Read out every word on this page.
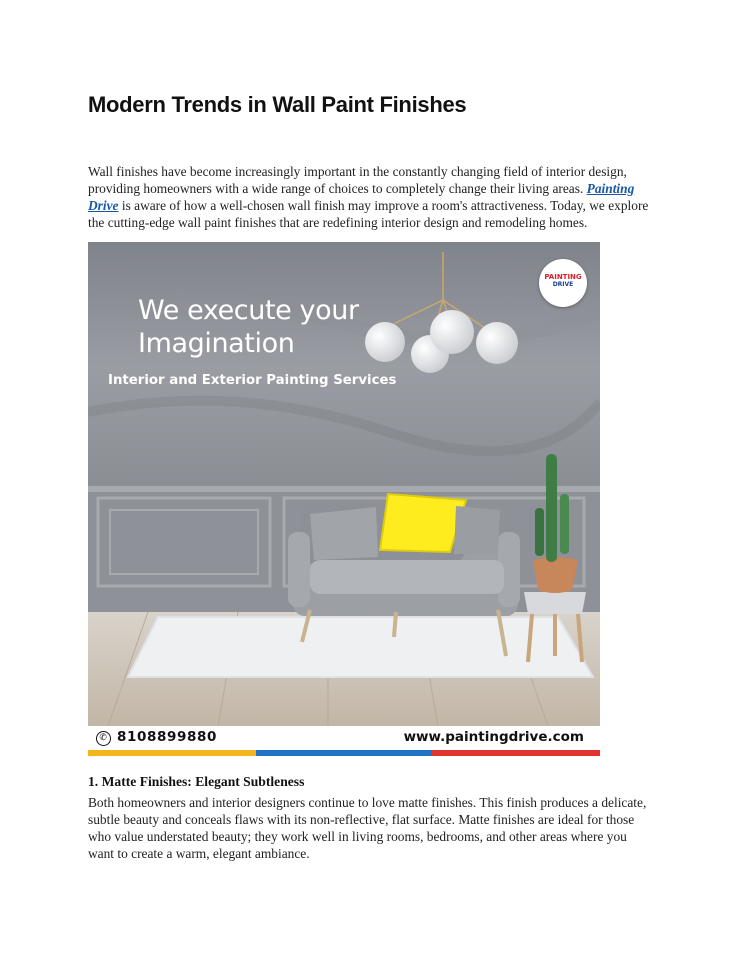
Modern Trends in Wall Paint Finishes

Wall finishes have become increasingly important in the constantly changing field of interior design, providing homeowners with a wide range of choices to completely change their living areas. Painting Drive is aware of how a well-chosen wall finish may improve a room's attractiveness. Today, we explore the cutting-edge wall paint finishes that are redefining interior design and remodeling homes.

We execute your
Imagination
Interior and Exterior Painting Services
PAINTING
DRIVE
✆ 8108899880	www.paintingdrive.com
1. Matte Finishes: Elegant Subtleness

Both homeowners and interior designers continue to love matte finishes. This finish produces a delicate, subtle beauty and conceals flaws with its non-reflective, flat surface. Matte finishes are ideal for those who value understated beauty; they work well in living rooms, bedrooms, and other areas where you want to create a warm, elegant ambiance.
